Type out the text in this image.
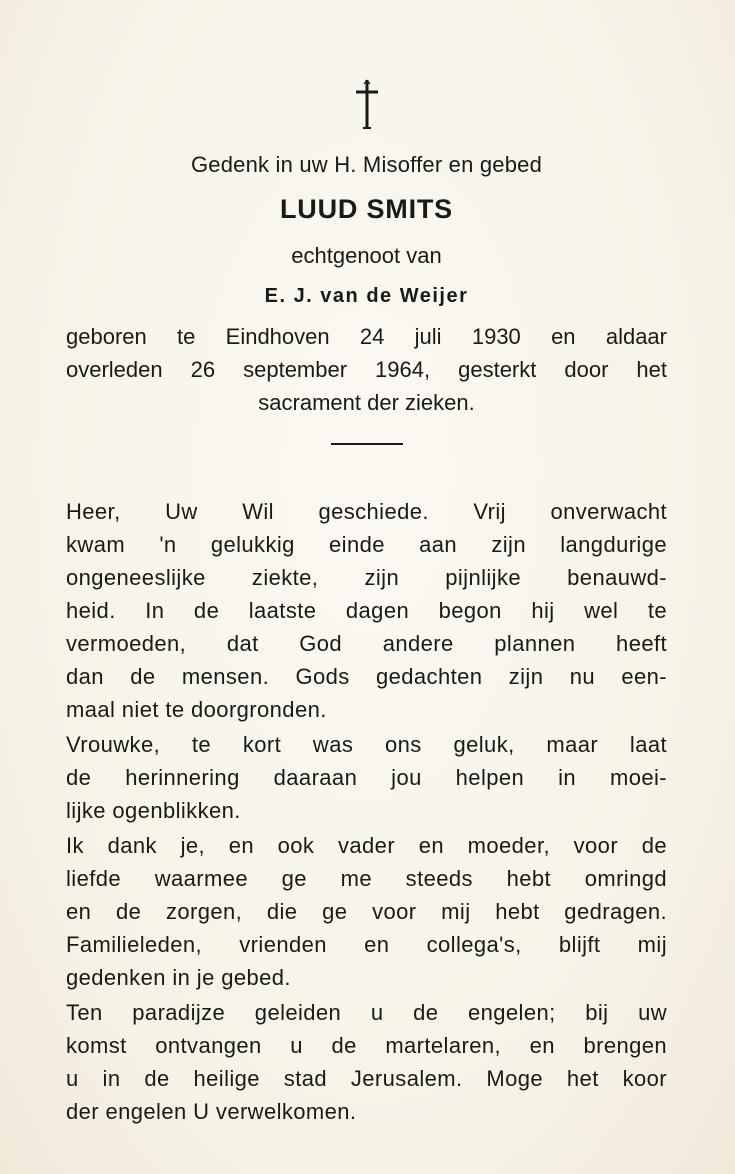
Gedenk in uw H. Misoffer en gebed
LUUD SMITS
echtgenoot van
E. J. van de Weijer
geboren te Eindhoven 24 juli 1930 en aldaar
overleden 26 september 1964, gesterkt door het
sacrament der zieken.
Heer, Uw Wil geschiede. Vrij onverwacht
kwam 'n gelukkig einde aan zijn langdurige
ongeneeslijke ziekte, zijn pijnlijke benauwd-
heid. In de laatste dagen begon hij wel te
vermoeden, dat God andere plannen heeft
dan de mensen. Gods gedachten zijn nu een-
maal niet te doorgronden.
Vrouwke, te kort was ons geluk, maar laat
de herinnering daaraan jou helpen in moei-
lijke ogenblikken.
Ik dank je, en ook vader en moeder, voor de
liefde waarmee ge me steeds hebt omringd
en de zorgen, die ge voor mij hebt gedragen.
Familieleden, vrienden en collega's, blijft mij
gedenken in je gebed.
Ten paradijze geleiden u de engelen; bij uw
komst ontvangen u de martelaren, en brengen
u in de heilige stad Jerusalem. Moge het koor
der engelen U verwelkomen.
